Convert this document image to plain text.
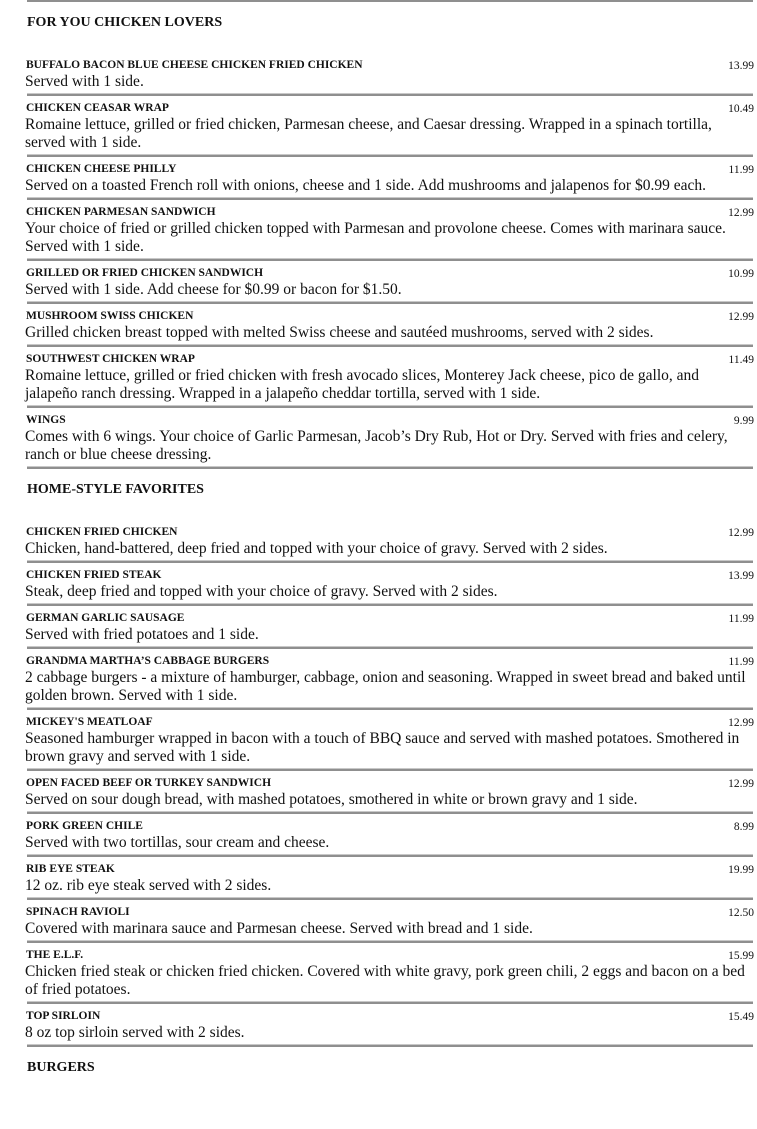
FOR YOU CHICKEN LOVERS
BUFFALO BACON BLUE CHEESE CHICKEN FRIED CHICKEN	13.99
Served with 1 side.
CHICKEN CEASAR WRAP	10.49
Romaine lettuce, grilled or fried chicken, Parmesan cheese, and Caesar dressing. Wrapped in a spinach tortilla, served with 1 side.
CHICKEN CHEESE PHILLY	11.99
Served on a toasted French roll with onions, cheese and 1 side. Add mushrooms and jalapenos for $0.99 each.
CHICKEN PARMESAN SANDWICH	12.99
Your choice of fried or grilled chicken topped with Parmesan and provolone cheese. Comes with marinara sauce. Served with 1 side.
GRILLED OR FRIED CHICKEN SANDWICH	10.99
Served with 1 side. Add cheese for $0.99 or bacon for $1.50.
MUSHROOM SWISS CHICKEN	12.99
Grilled chicken breast topped with melted Swiss cheese and sautéed mushrooms, served with 2 sides.
SOUTHWEST CHICKEN WRAP	11.49
Romaine lettuce, grilled or fried chicken with fresh avocado slices, Monterey Jack cheese, pico de gallo, and jalapeño ranch dressing. Wrapped in a jalapeño cheddar tortilla, served with 1 side.
WINGS	9.99
Comes with 6 wings. Your choice of Garlic Parmesan, Jacob’s Dry Rub, Hot or Dry. Served with fries and celery, ranch or blue cheese dressing.
HOME-STYLE FAVORITES
CHICKEN FRIED CHICKEN	12.99
Chicken, hand-battered, deep fried and topped with your choice of gravy. Served with 2 sides.
CHICKEN FRIED STEAK	13.99
Steak, deep fried and topped with your choice of gravy. Served with 2 sides.
GERMAN GARLIC SAUSAGE	11.99
Served with fried potatoes and 1 side.
GRANDMA MARTHA’S CABBAGE BURGERS	11.99
2 cabbage burgers - a mixture of hamburger, cabbage, onion and seasoning. Wrapped in sweet bread and baked until golden brown. Served with 1 side.
MICKEY'S MEATLOAF	12.99
Seasoned hamburger wrapped in bacon with a touch of BBQ sauce and served with mashed potatoes. Smothered in brown gravy and served with 1 side.
OPEN FACED BEEF OR TURKEY SANDWICH	12.99
Served on sour dough bread, with mashed potatoes, smothered in white or brown gravy and 1 side.
PORK GREEN CHILE	8.99
Served with two tortillas, sour cream and cheese.
RIB EYE STEAK	19.99
12 oz. rib eye steak served with 2 sides.
SPINACH RAVIOLI	12.50
Covered with marinara sauce and Parmesan cheese. Served with bread and 1 side.
THE E.L.F.	15.99
Chicken fried steak or chicken fried chicken. Covered with white gravy, pork green chili, 2 eggs and bacon on a bed of fried potatoes.
TOP SIRLOIN	15.49
8 oz top sirloin served with 2 sides.
BURGERS
